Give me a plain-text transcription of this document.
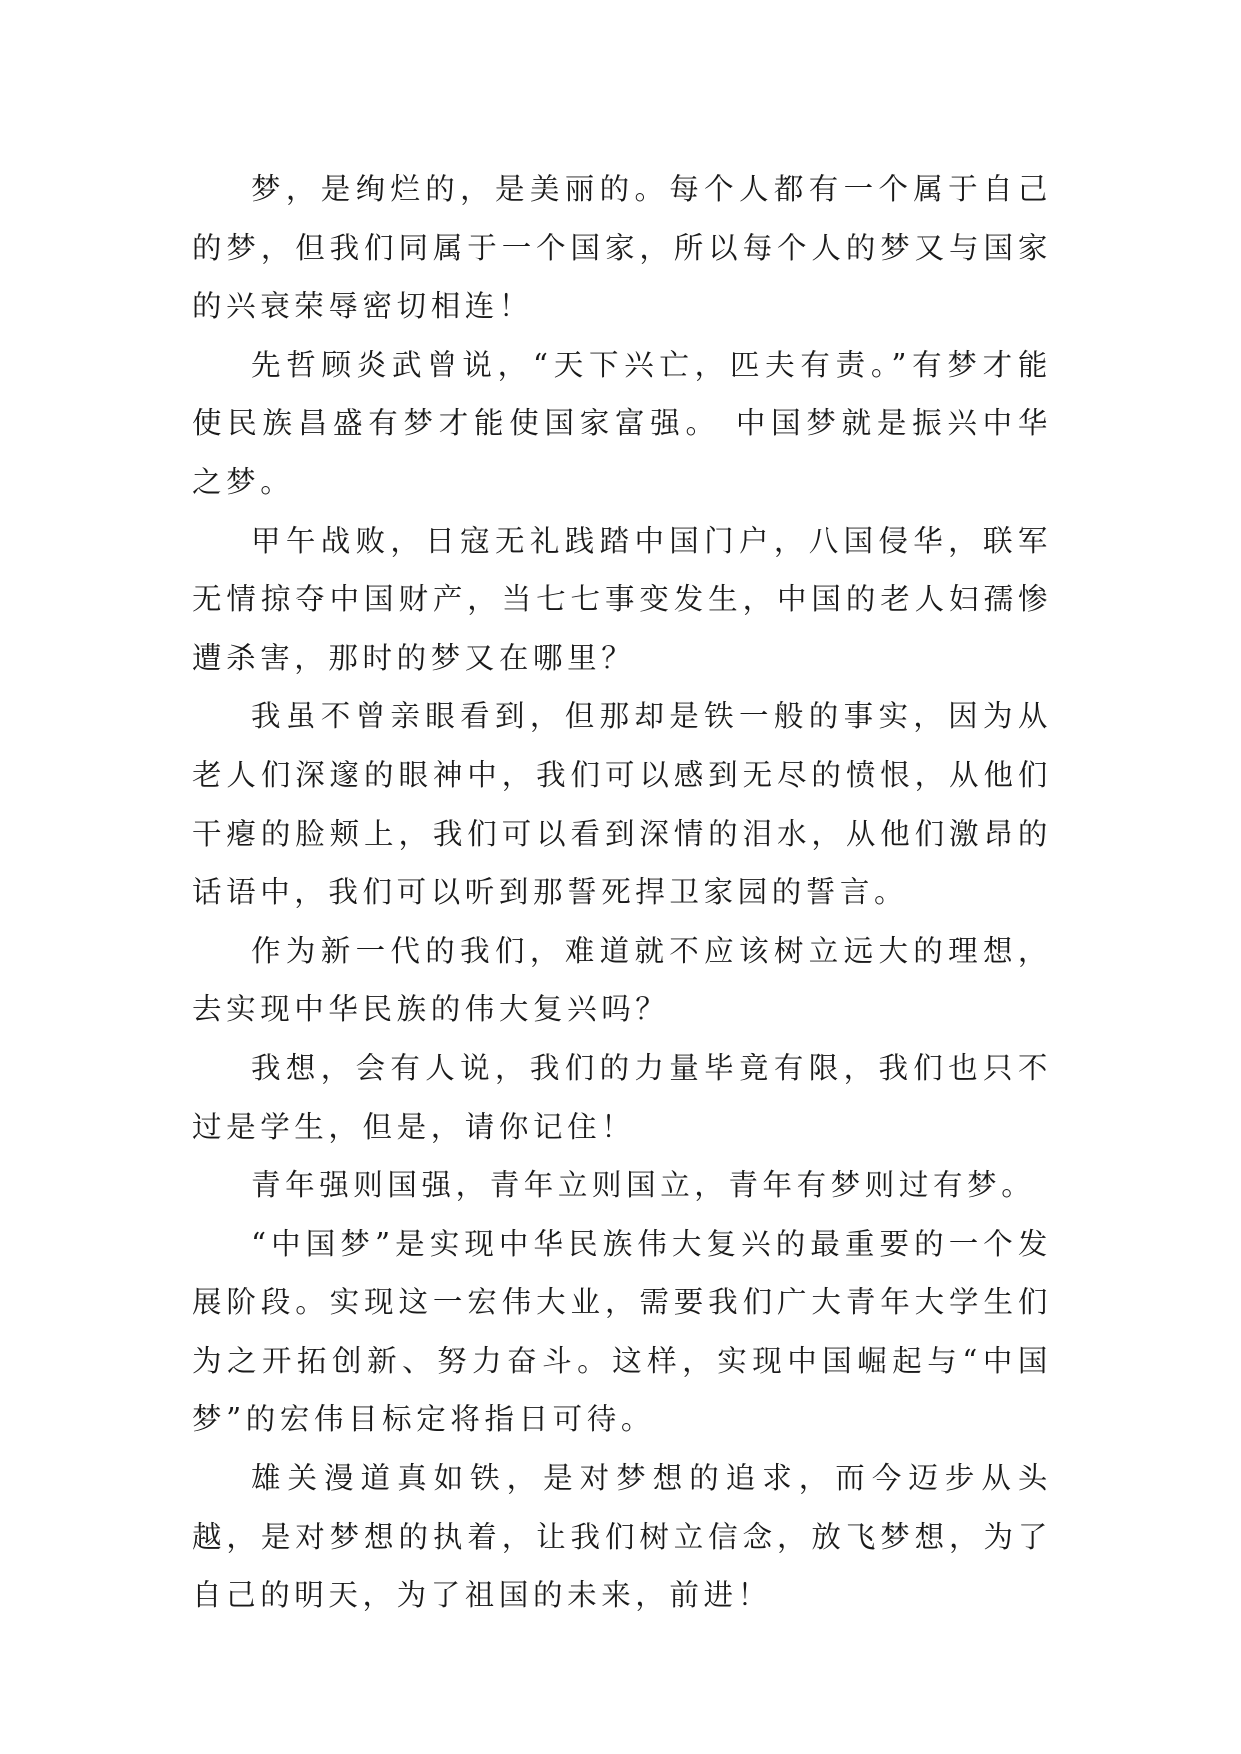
梦，是绚烂的，是美丽的。每个人都有一个属于自己的梦，但我们同属于一个国家，所以每个人的梦又与国家的兴衰荣辱密切相连！

先哲顾炎武曾说，“天下兴亡，匹夫有责。”有梦才能使民族昌盛有梦才能使国家富强。 中国梦就是振兴中华之梦。

甲午战败，日寇无礼践踏中国门户，八国侵华，联军无情掠夺中国财产，当七七事变发生，中国的老人妇孺惨遭杀害，那时的梦又在哪里？

我虽不曾亲眼看到，但那却是铁一般的事实，因为从老人们深邃的眼神中，我们可以感到无尽的愤恨，从他们干瘪的脸颊上，我们可以看到深情的泪水，从他们激昂的话语中，我们可以听到那誓死捍卫家园的誓言。

作为新一代的我们，难道就不应该树立远大的理想，去实现中华民族的伟大复兴吗？

我想，会有人说，我们的力量毕竟有限，我们也只不过是学生，但是，请你记住！

青年强则国强，青年立则国立，青年有梦则过有梦。

“中国梦”是实现中华民族伟大复兴的最重要的一个发展阶段。实现这一宏伟大业，需要我们广大青年大学生们为之开拓创新、努力奋斗。这样，实现中国崛起与“中国梦”的宏伟目标定将指日可待。

雄关漫道真如铁，是对梦想的追求，而今迈步从头越，是对梦想的执着，让我们树立信念，放飞梦想，为了自己的明天，为了祖国的未来，前进！
